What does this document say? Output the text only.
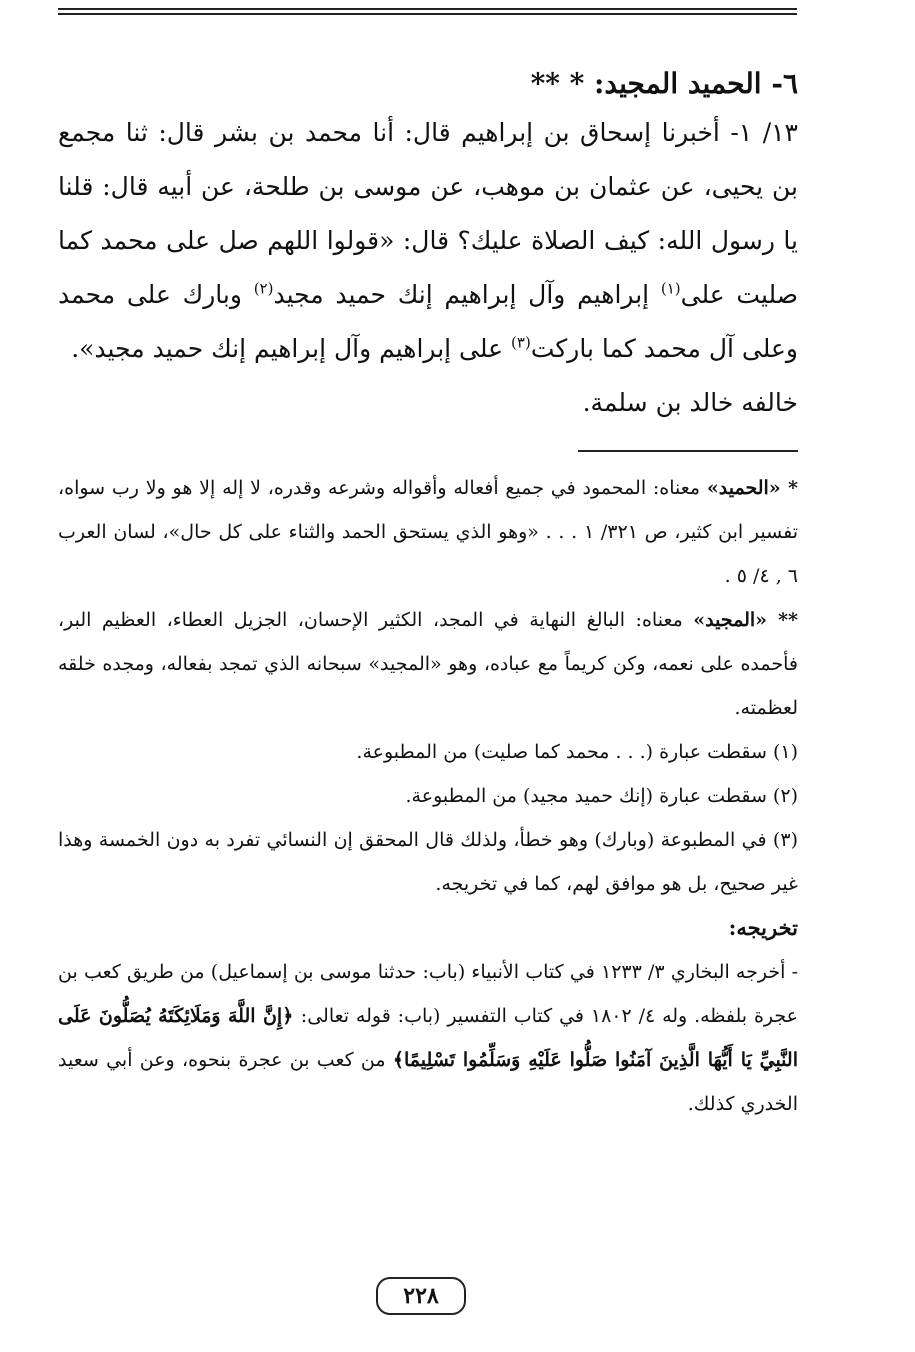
٦- الحميد المجيد: * **

١٣/ ١- أخبرنا إسحاق بن إبراهيم قال: أنا محمد بن بشر قال: ثنا مجمع بن يحيى، عن عثمان بن موهب، عن موسى بن طلحة، عن أبيه قال: قلنا يا رسول الله: كيف الصلاة عليك؟ قال: «قولوا اللهم صل على محمد كما صليت على$^{(١)}$ إبراهيم وآل إبراهيم إنك حميد مجيد$^{(٢)}$ وبارك على محمد وعلى آل محمد كما باركت$^{(٣)}$ على إبراهيم وآل إبراهيم إنك حميد مجيد».

خالفه خالد بن سلمة.

* «الحميد» معناه: المحمود في جميع أفعاله وأقواله وشرعه وقدره، لا إله إلا هو ولا رب سواه، تفسير ابن كثير، ص ٣٢١/ ١ . . . «وهو الذي يستحق الحمد والثناء على كل حال»، لسان العرب ٦ , ٤/ ٥ .

** «المجيد» معناه: البالغ النهاية في المجد، الكثير الإحسان، الجزيل العطاء، العظيم البر، فأحمده على نعمه، وكن كريماً مع عباده، وهو «المجيد» سبحانه الذي تمجد بفعاله، ومجده خلقه لعظمته.

(١) سقطت عبارة (. . . محمد كما صليت) من المطبوعة.

(٢) سقطت عبارة (إنك حميد مجيد) من المطبوعة.

(٣) في المطبوعة (وبارك) وهو خطأ، ولذلك قال المحقق إن النسائي تفرد به دون الخمسة وهذا غير صحيح، بل هو موافق لهم، كما في تخريجه.

تخريجه:

- أخرجه البخاري ٣/ ١٢٣٣ في كتاب الأنبياء (باب: حدثنا موسى بن إسماعيل) من طريق كعب بن عجرة بلفظه. وله ٤/ ١٨٠٢ في كتاب التفسير (باب: قوله تعالى: ﴿إِنَّ اللَّهَ وَمَلَائِكَتَهُ يُصَلُّونَ عَلَى النَّبِيِّ يَا أَيُّهَا الَّذِينَ آمَنُوا صَلُّوا عَلَيْهِ وَسَلِّمُوا تَسْلِيمًا﴾ من كعب بن عجرة بنحوه، وعن أبي سعيد الخدري كذلك.

٢٢٨
